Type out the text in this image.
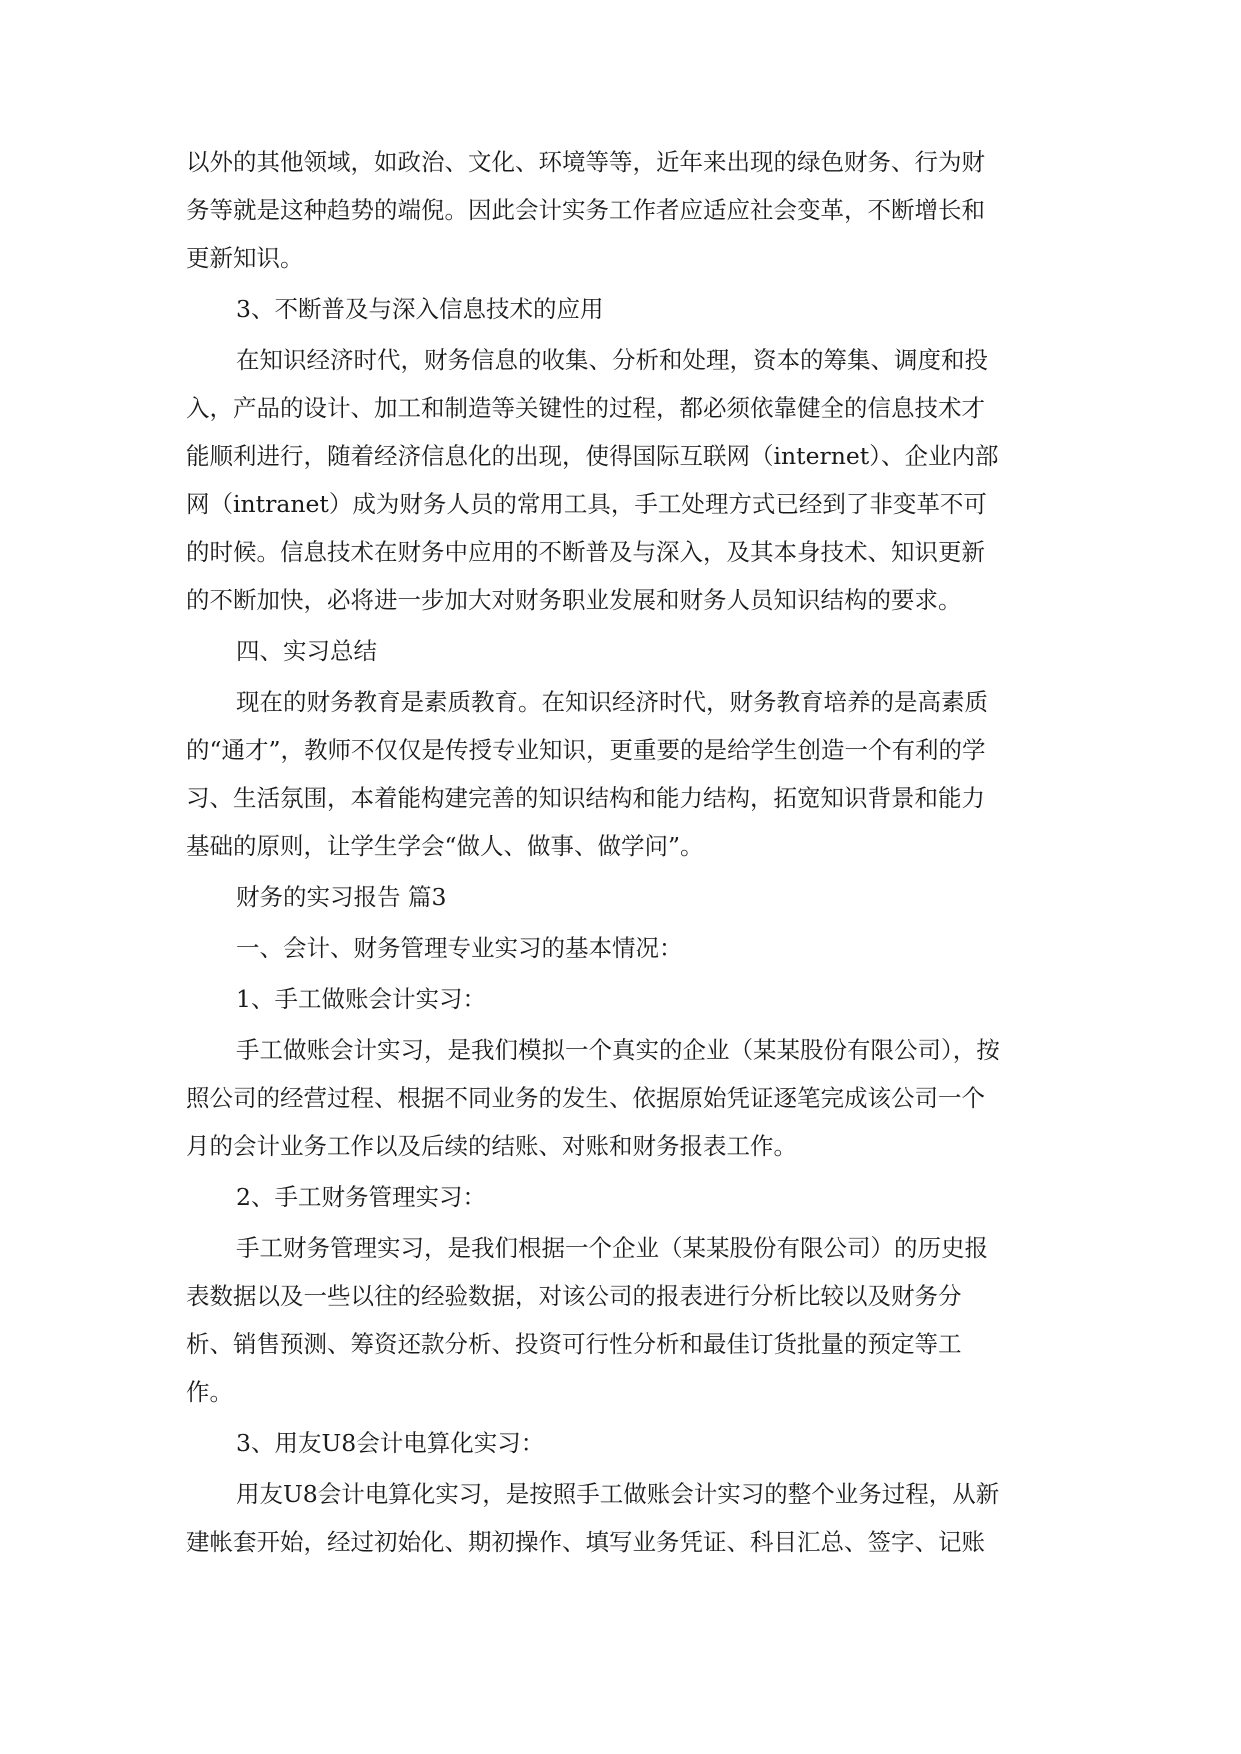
以外的其他领域，如政治、文化、环境等等，近年来出现的绿色财务、行为财
务等就是这种趋势的端倪。因此会计实务工作者应适应社会变革，不断增长和
更新知识。
3、不断普及与深入信息技术的应用
在知识经济时代，财务信息的收集、分析和处理，资本的筹集、调度和投
入，产品的设计、加工和制造等关键性的过程，都必须依靠健全的信息技术才
能顺利进行，随着经济信息化的出现，使得国际互联网（internet）、企业内部
网（intranet）成为财务人员的常用工具，手工处理方式已经到了非变革不可
的时候。信息技术在财务中应用的不断普及与深入，及其本身技术、知识更新
的不断加快，必将进一步加大对财务职业发展和财务人员知识结构的要求。
四、实习总结
现在的财务教育是素质教育。在知识经济时代，财务教育培养的是高素质
的“通才”，教师不仅仅是传授专业知识，更重要的是给学生创造一个有利的学
习、生活氛围，本着能构建完善的知识结构和能力结构，拓宽知识背景和能力
基础的原则，让学生学会“做人、做事、做学问”。
财务的实习报告 篇3
一、会计、财务管理专业实习的基本情况：
1、手工做账会计实习：
手工做账会计实习，是我们模拟一个真实的企业（某某股份有限公司），按
照公司的经营过程、根据不同业务的发生、依据原始凭证逐笔完成该公司一个
月的会计业务工作以及后续的结账、对账和财务报表工作。
2、手工财务管理实习：
手工财务管理实习，是我们根据一个企业（某某股份有限公司）的历史报
表数据以及一些以往的经验数据，对该公司的报表进行分析比较以及财务分
析、销售预测、筹资还款分析、投资可行性分析和最佳订货批量的预定等工
作。
3、用友U8会计电算化实习：
用友U8会计电算化实习，是按照手工做账会计实习的整个业务过程，从新
建帐套开始，经过初始化、期初操作、填写业务凭证、科目汇总、签字、记账
